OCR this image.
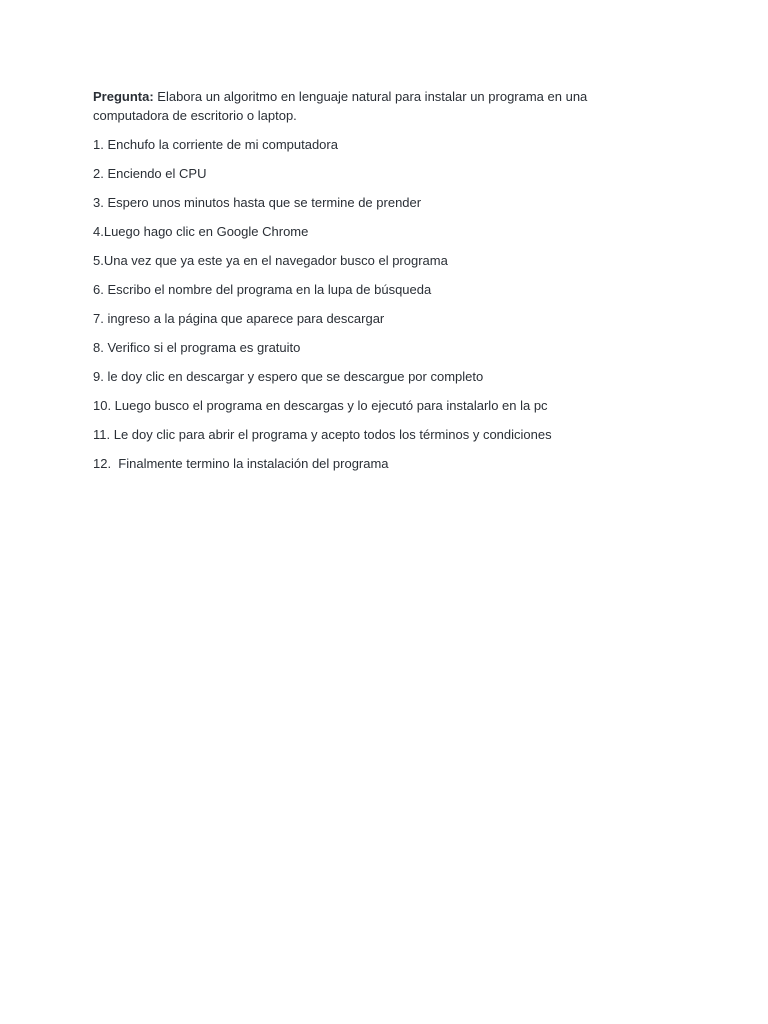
Pregunta: Elabora un algoritmo en lenguaje natural para instalar un programa en una computadora de escritorio o laptop.

1. Enchufo la corriente de mi computadora
2. Enciendo el CPU
3. Espero unos minutos hasta que se termine de prender
4.Luego hago clic en Google Chrome
5.Una vez que ya este ya en el navegador busco el programa
6. Escribo el nombre del programa en la lupa de búsqueda
7. ingreso a la página que aparece para descargar
8. Verifico si el programa es gratuito
9. le doy clic en descargar y espero que se descargue por completo
10. Luego busco el programa en descargas y lo ejecutó para instalarlo en la pc
11. Le doy clic para abrir el programa y acepto todos los términos y condiciones
12.  Finalmente termino la instalación del programa
